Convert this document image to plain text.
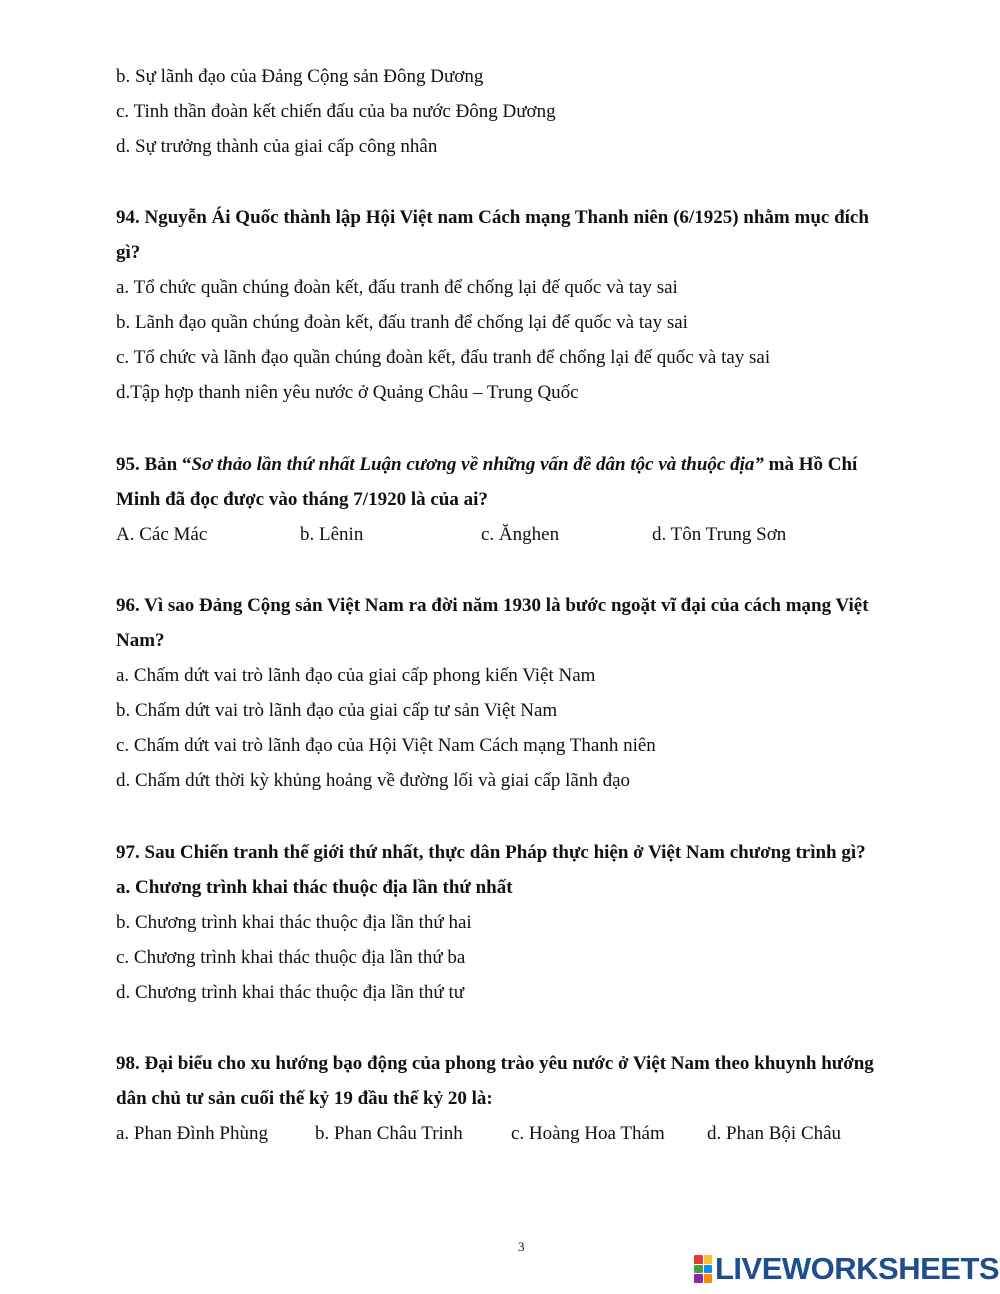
b. Sự lãnh đạo của Đảng Cộng sản Đông Dương
c. Tinh thần đoàn kết chiến đấu của ba nước Đông Dương
d. Sự trưởng thành của giai cấp công nhân
94. Nguyễn Ái Quốc thành lập Hội Việt nam Cách mạng Thanh niên (6/1925) nhằm mục đích
gì?
a. Tổ chức quần chúng đoàn kết, đấu tranh để chống lại đế quốc và tay sai
b. Lãnh đạo quần chúng đoàn kết, đấu tranh để chống lại đế quốc và tay sai
c. Tổ chức và lãnh đạo quần chúng đoàn kết, đấu tranh để chống lại đế quốc và tay sai
d.Tập hợp thanh niên yêu nước ở Quảng Châu – Trung Quốc
95. Bản “Sơ thảo lần thứ nhất Luận cương về những vấn đề dân tộc và thuộc địa” mà Hồ Chí
Minh đã đọc được vào tháng 7/1920 là của ai?
A. Các Mác	b. Lênin	c. Ănghen	d. Tôn Trung Sơn
96. Vì sao Đảng Cộng sản Việt Nam ra đời năm 1930 là bước ngoặt vĩ đại của cách mạng Việt
Nam?
a. Chấm dứt vai trò lãnh đạo của giai cấp phong kiến Việt Nam
b. Chấm dứt vai trò lãnh đạo của giai cấp tư sản Việt Nam
c. Chấm dứt vai trò lãnh đạo của Hội Việt Nam Cách mạng Thanh niên
d. Chấm dứt thời kỳ khủng hoảng về đường lối và giai cấp lãnh đạo
97. Sau Chiến tranh thế giới thứ nhất, thực dân Pháp thực hiện ở Việt Nam chương trình gì?
a. Chương trình khai thác thuộc địa lần thứ nhất
b. Chương trình khai thác thuộc địa lần thứ hai
c. Chương trình khai thác thuộc địa lần thứ ba
d. Chương trình khai thác thuộc địa lần thứ tư
98. Đại biểu cho xu hướng bạo động của phong trào yêu nước ở Việt Nam theo khuynh hướng
dân chủ tư sản cuối thế kỷ 19 đầu thế kỷ 20 là:
a. Phan Đình Phùng b. Phan Châu Trinh	c. Hoàng Hoa Thám d. Phan Bội Châu
3
LIVEWORKSHEETS
